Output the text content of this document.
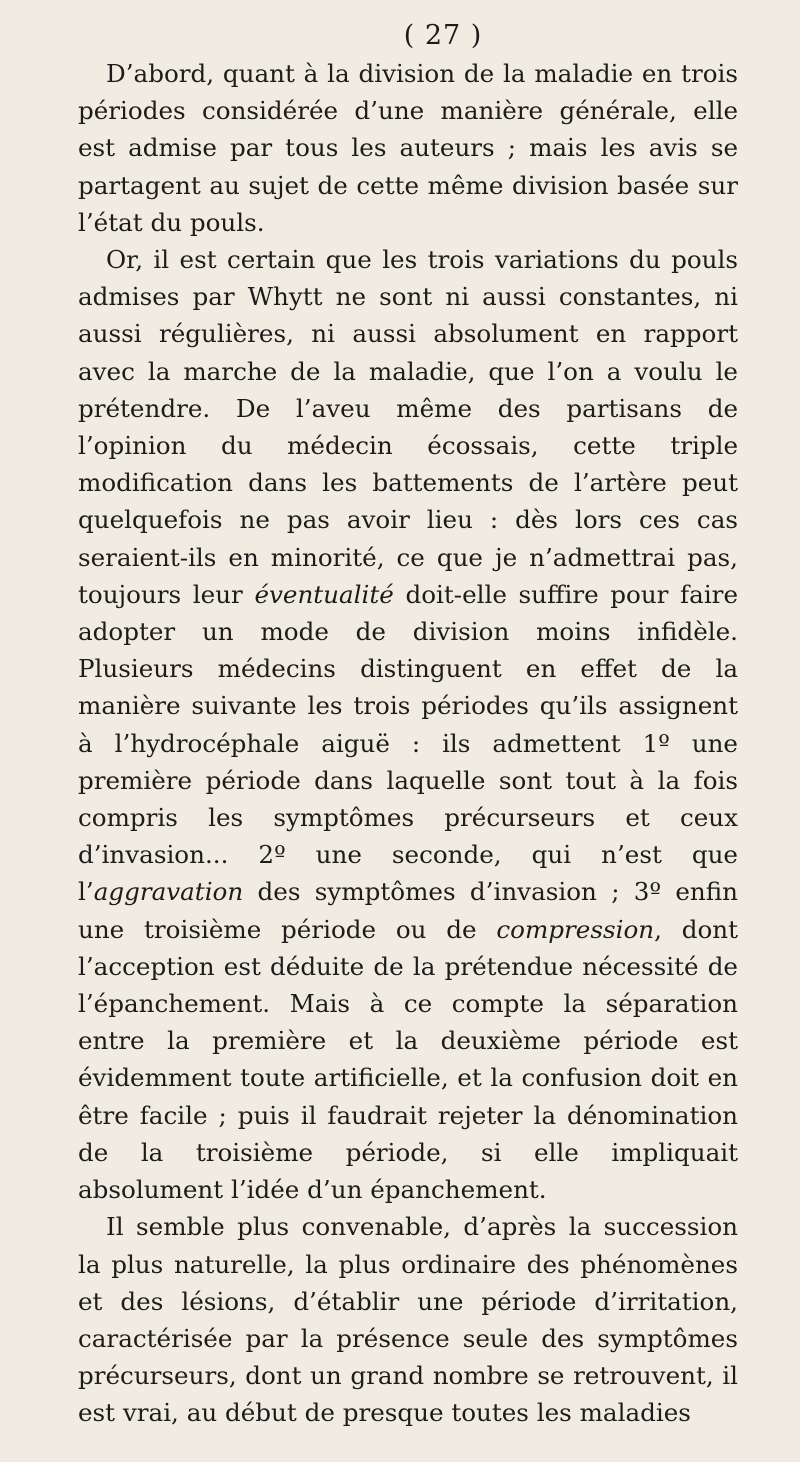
( 27 )

D’abord, quant à la division de la maladie en trois périodes considérée d’une manière générale, elle est admise par tous les auteurs ; mais les avis se partagent au sujet de cette même division basée sur l’état du pouls.

Or, il est certain que les trois variations du pouls admises par Whytt ne sont ni aussi constantes, ni aussi régulières, ni aussi absolument en rapport avec la marche de la maladie, que l’on a voulu le prétendre. De l’aveu même des partisans de l’opinion du médecin écossais, cette triple modification dans les battements de l’artère peut quelquefois ne pas avoir lieu : dès lors ces cas seraient-ils en minorité, ce que je n’admettrai pas, toujours leur éventualité doit-elle suffire pour faire adopter un mode de division moins infidèle. Plusieurs médecins distinguent en effet de la manière suivante les trois périodes qu’ils assignent à l’hydrocéphale aiguë : ils admettent 1º une première période dans laquelle sont tout à la fois compris les symptômes précurseurs et ceux d’invasion... 2º une seconde, qui n’est que l’aggravation des symptômes d’invasion ; 3º enfin une troisième période ou de compression, dont l’acception est déduite de la prétendue nécessité de l’épanchement. Mais à ce compte la séparation entre la première et la deuxième période est évidemment toute artificielle, et la confusion doit en être facile ; puis il faudrait rejeter la dénomination de la troisième période, si elle impliquait absolument l’idée d’un épanchement.

Il semble plus convenable, d’après la succession la plus naturelle, la plus ordinaire des phénomènes et des lésions, d’établir une période d’irritation, caractérisée par la présence seule des symptômes précurseurs, dont un grand nombre se retrouvent, il est vrai, au début de presque toutes les maladies
